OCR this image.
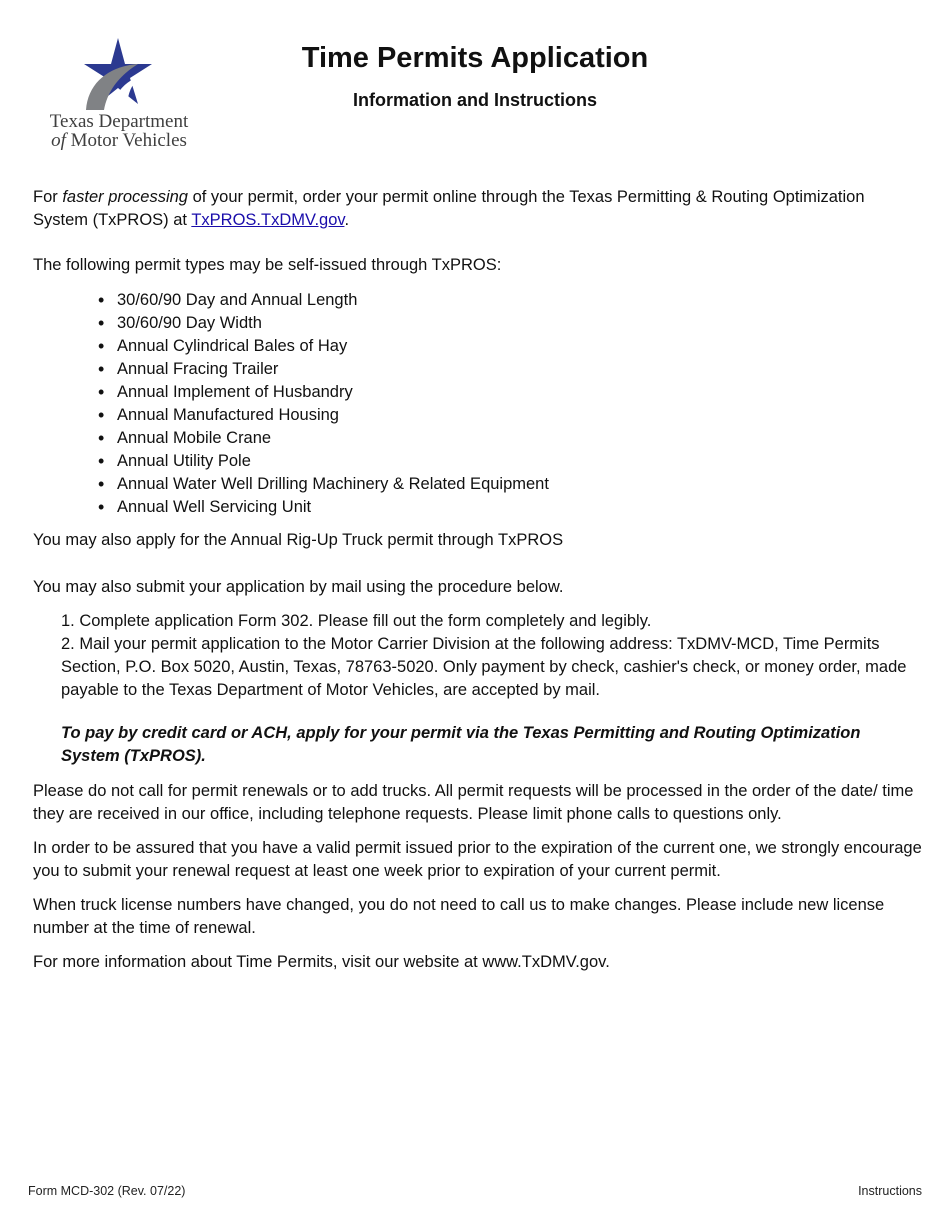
Texas Department
of Motor Vehicles
Time Permits Application
Information and Instructions

For faster processing of your permit, order your permit online through the Texas Permitting & Routing Optimization System (TxPROS) at TxPROS.TxDMV.gov.

The following permit types may be self-issued through TxPROS:

• 30/60/90 Day and Annual Length
• 30/60/90 Day Width
• Annual Cylindrical Bales of Hay
• Annual Fracing Trailer
• Annual Implement of Husbandry
• Annual Manufactured Housing
• Annual Mobile Crane
• Annual Utility Pole
• Annual Water Well Drilling Machinery & Related Equipment
• Annual Well Servicing Unit

You may also apply for the Annual Rig-Up Truck permit through TxPROS

You may also submit your application by mail using the procedure below.

1. Complete application Form 302. Please fill out the form completely and legibly.

2. Mail your permit application to the Motor Carrier Division at the following address: TxDMV-MCD, Time Permits Section, P.O. Box 5020, Austin, Texas, 78763-5020. Only payment by check, cashier's check, or money order, made payable to the Texas Department of Motor Vehicles, are accepted by mail.

To pay by credit card or ACH, apply for your permit via the Texas Permitting and Routing Optimization System (TxPROS).

Please do not call for permit renewals or to add trucks. All permit requests will be processed in the order of the date/ time they are received in our office, including telephone requests. Please limit phone calls to questions only.

In order to be assured that you have a valid permit issued prior to the expiration of the current one, we strongly encourage you to submit your renewal request at least one week prior to expiration of your current permit.

When truck license numbers have changed, you do not need to call us to make changes. Please include new license number at the time of renewal.

For more information about Time Permits, visit our website at www.TxDMV.gov.

Form MCD-302 (Rev. 07/22)	Instructions
